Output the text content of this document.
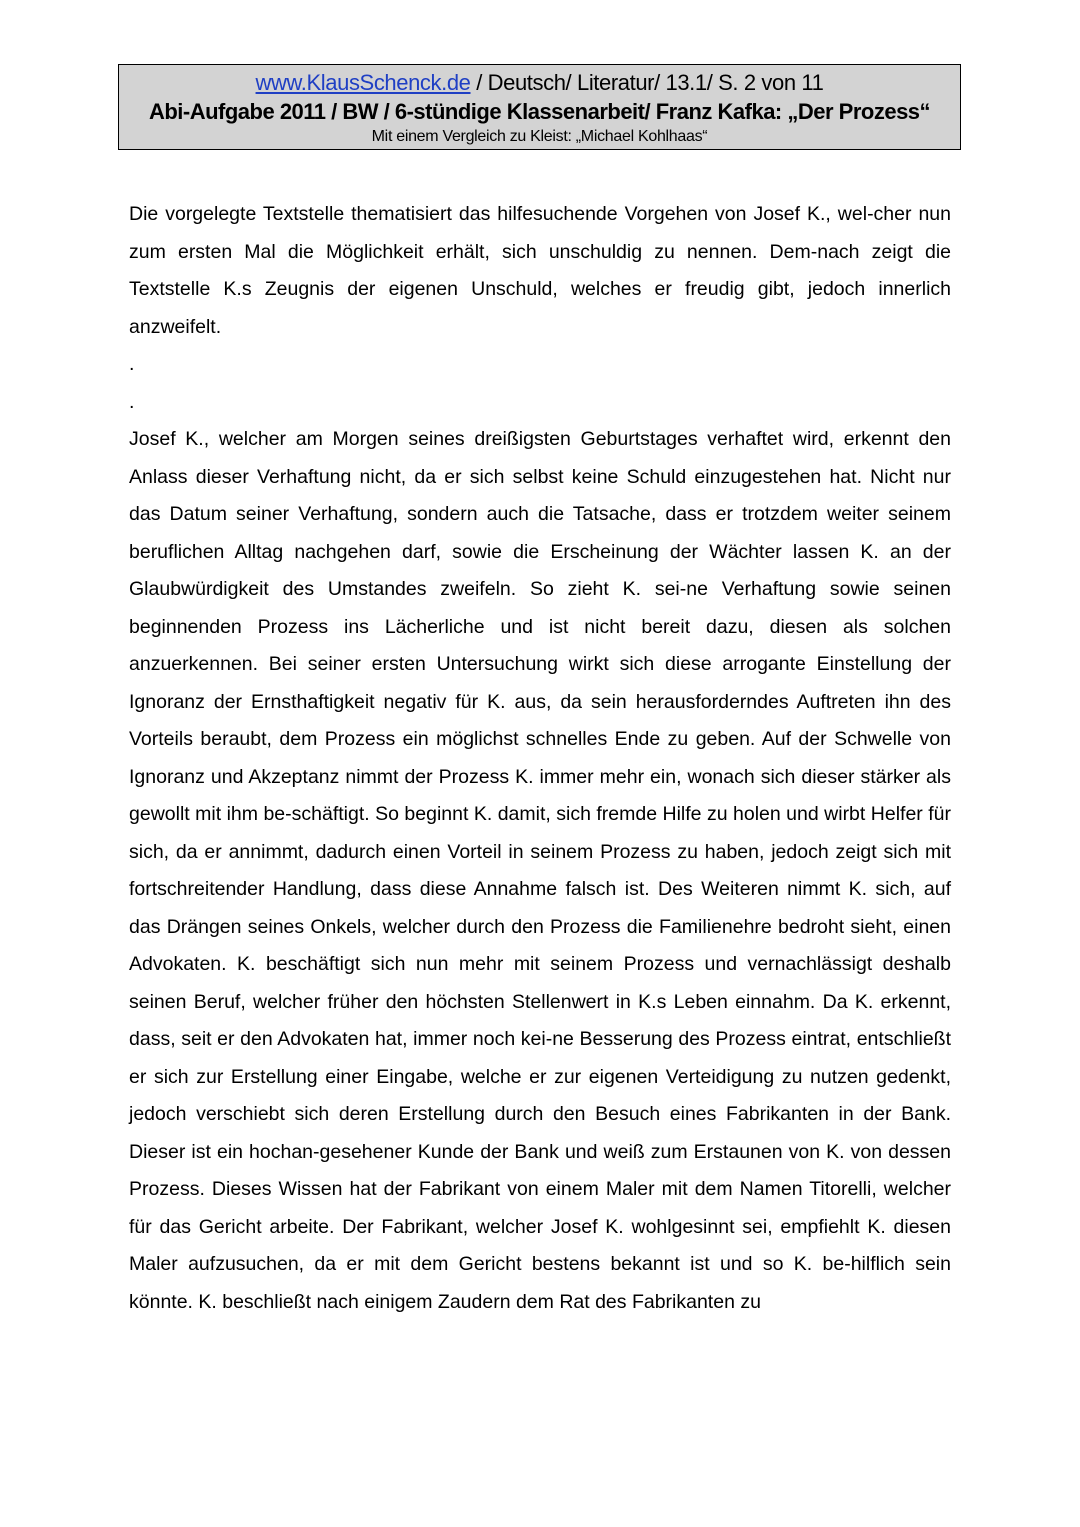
www.KlausSchenck.de / Deutsch/ Literatur/ 13.1/ S. 2 von 11
Abi-Aufgabe 2011 / BW / 6-stündige Klassenarbeit/ Franz Kafka: „Der Prozess“
Mit einem Vergleich zu Kleist: „Michael Kohlhaas“

Die vorgelegte Textstelle thematisiert das hilfesuchende Vorgehen von Josef K., wel-cher nun zum ersten Mal die Möglichkeit erhält, sich unschuldig zu nennen. Dem-nach zeigt die Textstelle K.s Zeugnis der eigenen Unschuld, welches er freudig gibt, jedoch innerlich anzweifelt.

.

.

Josef K., welcher am Morgen seines dreißigsten Geburtstages verhaftet wird, erkennt den Anlass dieser Verhaftung nicht, da er sich selbst keine Schuld einzugestehen hat. Nicht nur das Datum seiner Verhaftung, sondern auch die Tatsache, dass er trotzdem weiter seinem beruflichen Alltag nachgehen darf, sowie die Erscheinung der Wächter lassen K. an der Glaubwürdigkeit des Umstandes zweifeln. So zieht K. sei-ne Verhaftung sowie seinen beginnenden Prozess ins Lächerliche und ist nicht bereit dazu, diesen als solchen anzuerkennen. Bei seiner ersten Untersuchung wirkt sich diese arrogante Einstellung der Ignoranz der Ernsthaftigkeit negativ für K. aus, da sein herausforderndes Auftreten ihn des Vorteils beraubt, dem Prozess ein möglichst schnelles Ende zu geben. Auf der Schwelle von Ignoranz und Akzeptanz nimmt der Prozess K. immer mehr ein, wonach sich dieser stärker als gewollt mit ihm be-schäftigt. So beginnt K. damit, sich fremde Hilfe zu holen und wirbt Helfer für sich, da er annimmt, dadurch einen Vorteil in seinem Prozess zu haben, jedoch zeigt sich mit fortschreitender Handlung, dass diese Annahme falsch ist. Des Weiteren nimmt K. sich, auf das Drängen seines Onkels, welcher durch den Prozess die Familienehre bedroht sieht, einen Advokaten. K. beschäftigt sich nun mehr mit seinem Prozess und vernachlässigt deshalb seinen Beruf, welcher früher den höchsten Stellenwert in K.s Leben einnahm. Da K. erkennt, dass, seit er den Advokaten hat, immer noch kei-ne Besserung des Prozess eintrat, entschließt er sich zur Erstellung einer Eingabe, welche er zur eigenen Verteidigung zu nutzen gedenkt, jedoch verschiebt sich deren Erstellung durch den Besuch eines Fabrikanten in der Bank. Dieser ist ein hochan-gesehener Kunde der Bank und weiß zum Erstaunen von K. von dessen Prozess. Dieses Wissen hat der Fabrikant von einem Maler mit dem Namen Titorelli, welcher für das Gericht arbeite. Der Fabrikant, welcher Josef K. wohlgesinnt sei, empfiehlt K. diesen Maler aufzusuchen, da er mit dem Gericht bestens bekannt ist und so K. be-hilflich sein könnte. K. beschließt nach einigem Zaudern dem Rat des Fabrikanten zu
